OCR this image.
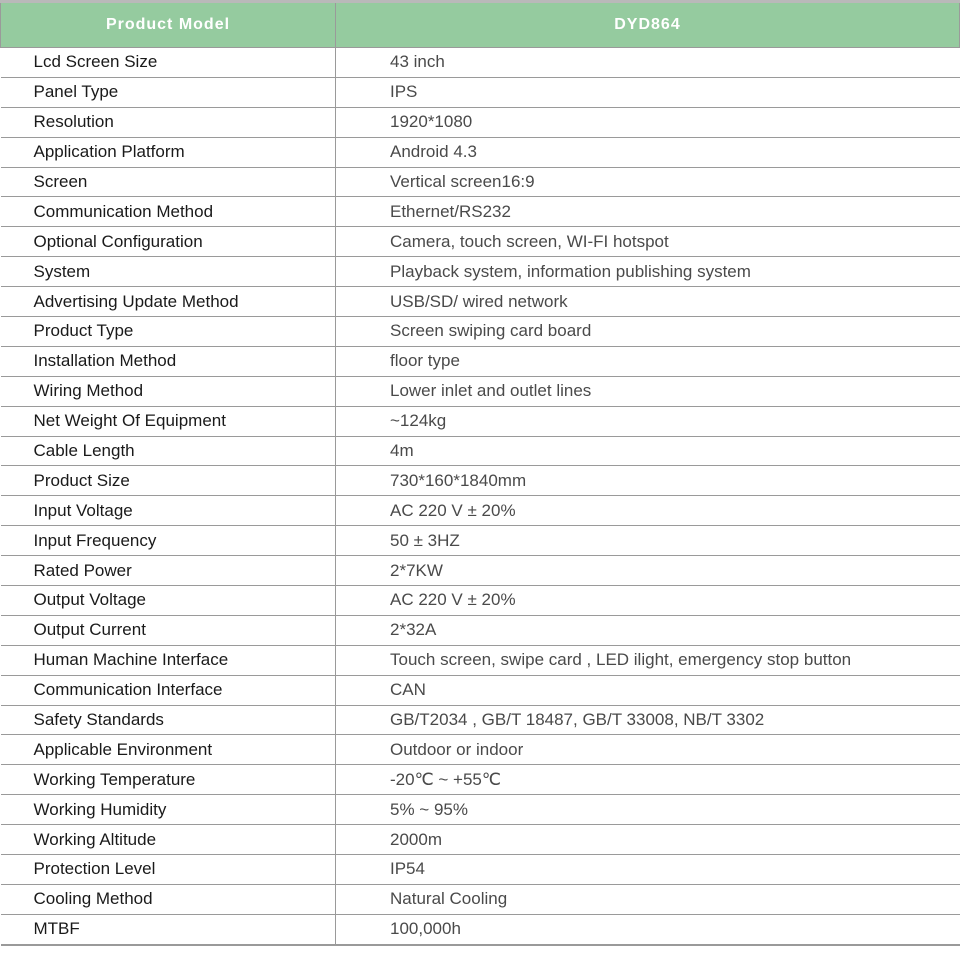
Product Model	DYD864
Lcd Screen Size	43 inch
Panel Type	IPS
Resolution	1920*1080
Application Platform	Android 4.3
Screen	Vertical screen16:9
Communication Method	Ethernet/RS232
Optional Configuration	Camera, touch screen, WI-FI hotspot
System	Playback system, information publishing system
Advertising Update Method	USB/SD/ wired network
Product Type	Screen swiping card board
Installation Method	floor type
Wiring Method	Lower inlet and outlet lines
Net Weight Of Equipment	~124kg
Cable Length	4m
Product Size	730*160*1840mm
Input Voltage	AC 220 V ± 20%
Input Frequency	50 ± 3HZ
Rated Power	2*7KW
Output Voltage	AC 220 V ± 20%
Output Current	2*32A
Human Machine Interface	Touch screen, swipe card , LED ilight, emergency stop button
Communication Interface	CAN
Safety Standards	GB/T2034 , GB/T 18487, GB/T 33008, NB/T 3302
Applicable Environment	Outdoor or indoor
Working Temperature	-20℃ ~ +55℃
Working Humidity	5% ~ 95%
Working Altitude	2000m
Protection Level	IP54
Cooling Method	Natural Cooling
MTBF	100,000h
